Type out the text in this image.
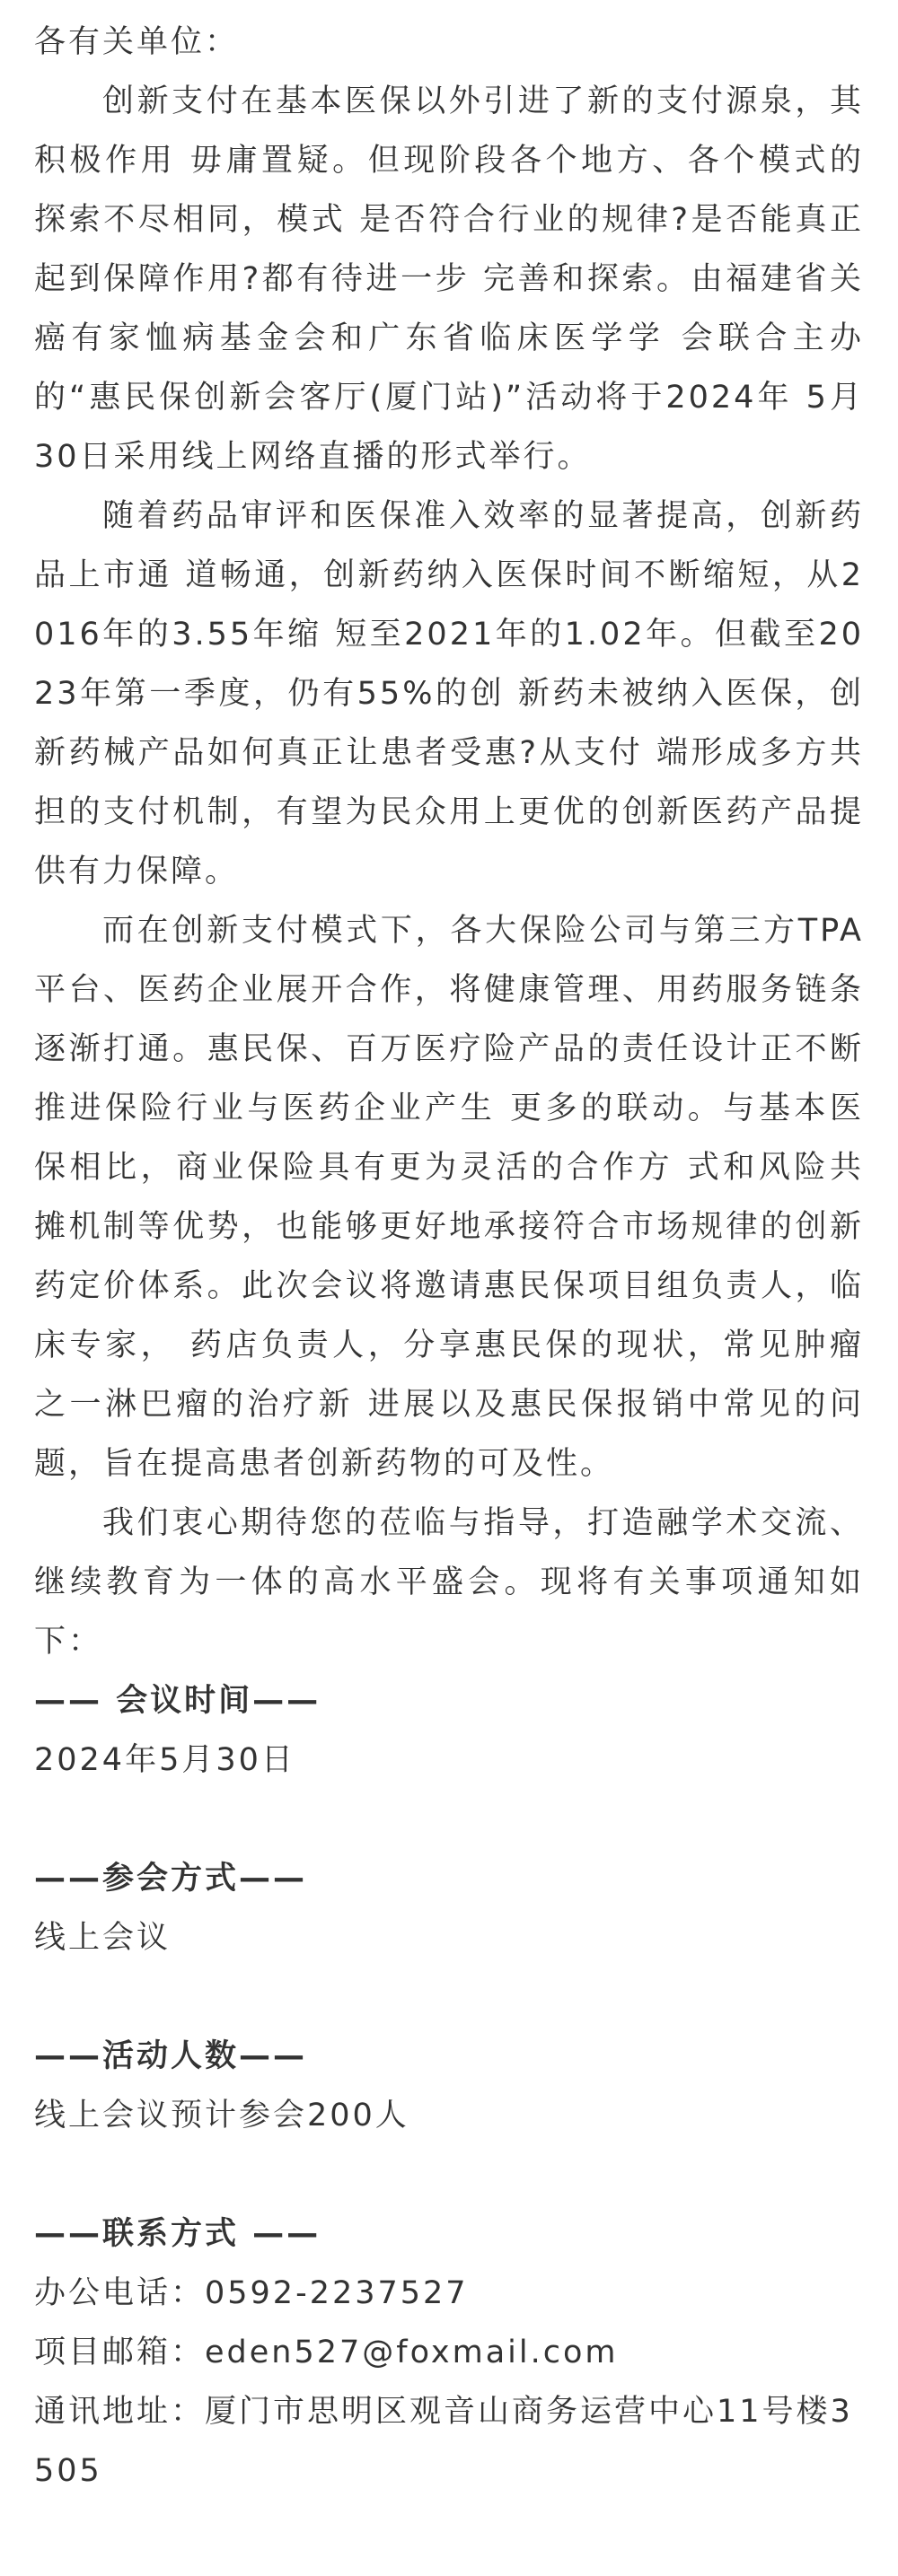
各有关单位：

创新支付在基本医保以外引进了新的支付源泉，其积极作用 毋庸置疑。但现阶段各个地方、各个模式的探索不尽相同，模式 是否符合行业的规律?是否能真正起到保障作用?都有待进一步 完善和探索。由福建省关癌有家恤病基金会和广东省临床医学学 会联合主办的“惠民保创新会客厅(厦门站)”活动将于2024年 5月30日采用线上网络直播的形式举行。

随着药品审评和医保准入效率的显著提高，创新药品上市通 道畅通，创新药纳入医保时间不断缩短，从2016年的3.55年缩 短至2021年的1.02年。但截至2023年第一季度，仍有55%的创 新药未被纳入医保，创新药械产品如何真正让患者受惠?从支付 端形成多方共担的支付机制，有望为民众用上更优的创新医药产品提供有力保障。

而在创新支付模式下，各大保险公司与第三方TPA平台、医药企业展开合作，将健康管理、用药服务链条逐渐打通。惠民保、百万医疗险产品的责任设计正不断推进保险行业与医药企业产生 更多的联动。与基本医保相比，商业保险具有更为灵活的合作方 式和风险共摊机制等优势，也能够更好地承接符合市场规律的创新药定价体系。此次会议将邀请惠民保项目组负责人，临床专家， 药店负责人，分享惠民保的现状，常见肿瘤之一淋巴瘤的治疗新 进展以及惠民保报销中常见的问题，旨在提高患者创新药物的可及性。

我们衷心期待您的莅临与指导，打造融学术交流、继续教育为一体的高水平盛会。现将有关事项通知如下：

—— 会议时间——

2024年5月30日

——参会方式——

线上会议

——活动人数——

线上会议预计参会200人

——联系方式 ——

办公电话：0592-2237527

项目邮箱：eden527@foxmail.com

通讯地址：厦门市思明区观音山商务运营中心11号楼3505
